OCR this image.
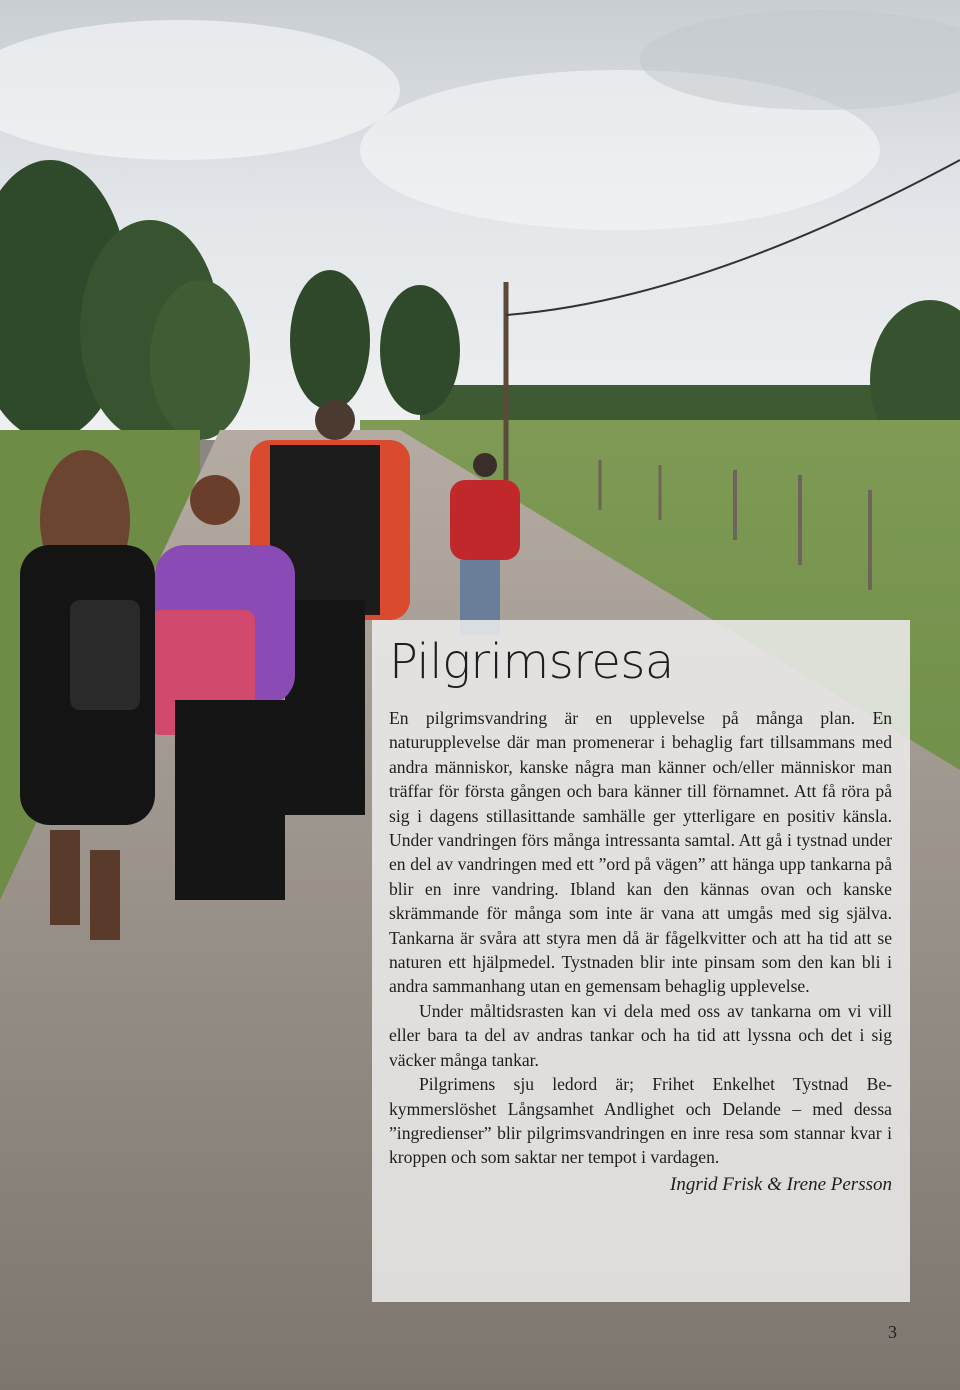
Pilgrimsresa

En pilgrimsvandring är en upplevelse på många plan. En naturupplevelse där man promenerar i behaglig fart tillsammans med andra människor, kanske några man känner och/eller människor man träffar för första gången och bara känner till förnamnet. Att få röra på sig i dagens stillasittande samhälle ger ytterligare en positiv känsla. Under vandringen förs många intressanta samtal. Att gå i tystnad under en del av vandringen med ett ”ord på vägen” att hänga upp tankarna på blir en inre vandring. Ibland kan den kännas ovan och kanske skrämmande för många som inte är vana att umgås med sig själva. Tankarna är svåra att styra men då är fågelkvitter och att ha tid att se naturen ett hjälpmedel. Tystnaden blir inte pinsam som den kan bli i andra sammanhang utan en gemensam behaglig upplevelse.

Under måltidsrasten kan vi dela med oss av tankarna om vi vill eller bara ta del av andras tankar och ha tid att lyssna och det i sig väcker många tankar.

Pilgrimens sju ledord är; Frihet Enkelhet Tystnad Bekymmerslöshet Långsamhet Andlighet och Delande – med dessa ”ingredienser” blir pilgrimsvandringen en inre resa som stannar kvar i kroppen och som saktar ner tempot i vardagen.

Ingrid Frisk & Irene Persson
3
